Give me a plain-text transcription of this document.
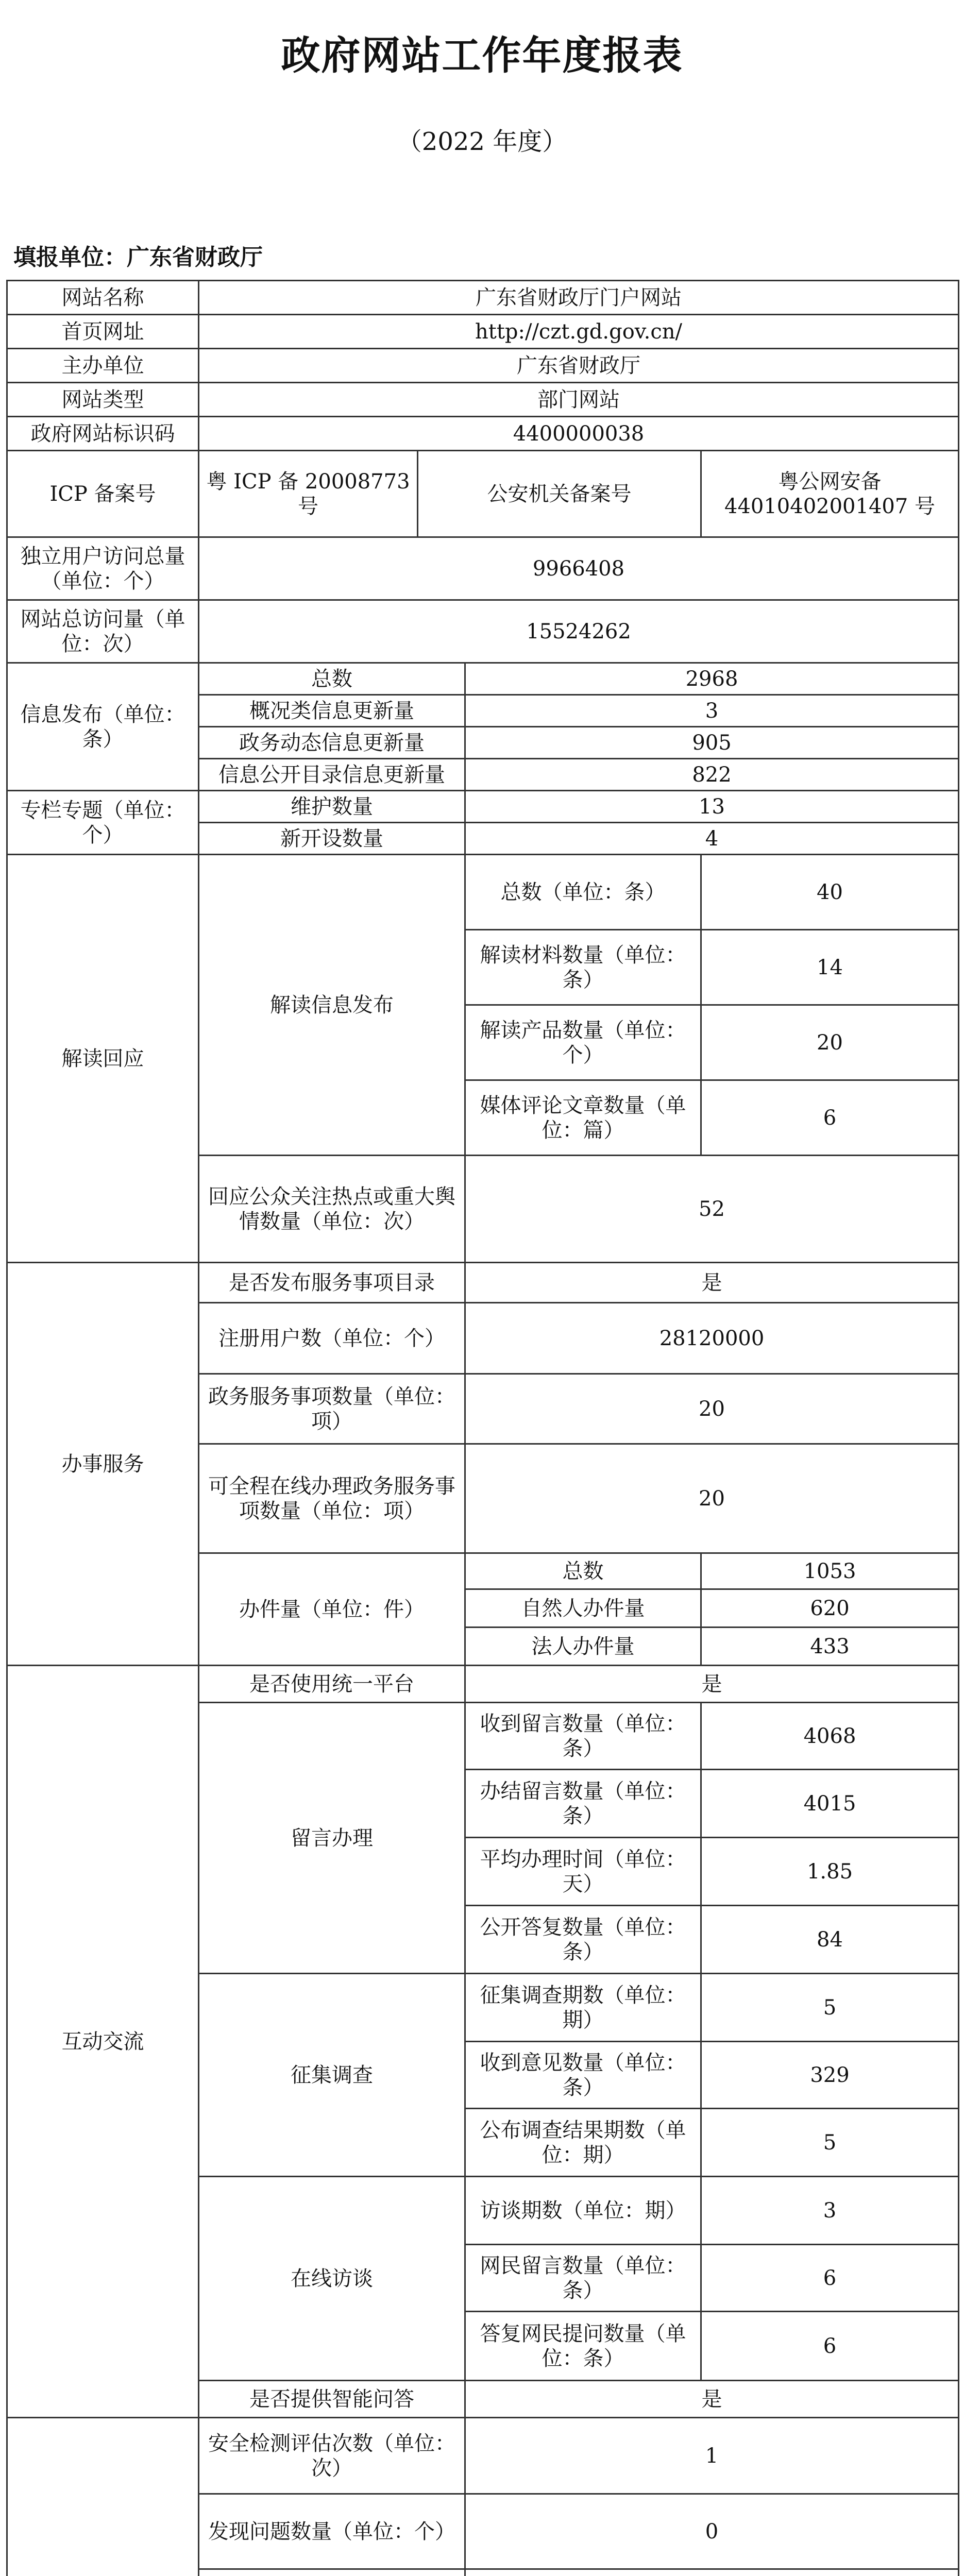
政府网站工作年度报表
（2022 年度）
填报单位：广东省财政厅
网站名称	广东省财政厅门户网站			
首页网址	http://czt.gd.gov.cn/			
主办单位	广东省财政厅			
网站类型	部门网站			
政府网站标识码	4400000038			
ICP 备案号	粤 ICP 备 20008773 号	公安机关备案号		粤公网安备 44010402001407 号
独立用户访问总量（单位：个）	9966408			
网站总访问量（单位：次）	15524262			
信息发布（单位：条）	总数		2968	
	概况类信息更新量		3	
	政务动态信息更新量		905	
	信息公开目录信息更新量		822	
专栏专题（单位：个）	维护数量		13	
	新开设数量		4	
解读回应	解读信息发布		总数（单位：条）	40
			解读材料数量（单位：条）	14
			解读产品数量（单位：个）	20
			媒体评论文章数量（单位：篇）	6
	回应公众关注热点或重大舆情数量（单位：次）		52	
办事服务	是否发布服务事项目录		是	
	注册用户数（单位：个）		28120000	
	政务服务事项数量（单位：项）		20	
	可全程在线办理政务服务事项数量（单位：项）		20	
	办件量（单位：件）		总数	1053
			自然人办件量	620
			法人办件量	433
互动交流	是否使用统一平台		是	
	留言办理		收到留言数量（单位：条）	4068
			办结留言数量（单位：条）	4015
			平均办理时间（单位：天）	1.85
			公开答复数量（单位：条）	84
	征集调查		征集调查期数（单位：期）	5
			收到意见数量（单位：条）	329
			公布调查结果期数（单位：期）	5
	在线访谈		访谈期数（单位：期）	3
			网民留言数量（单位：条）	6
			答复网民提问数量（单位：条）	6
	是否提供智能问答		是	
	安全检测评估次数（单位：次）		1	
	发现问题数量（单位：个）		0	
